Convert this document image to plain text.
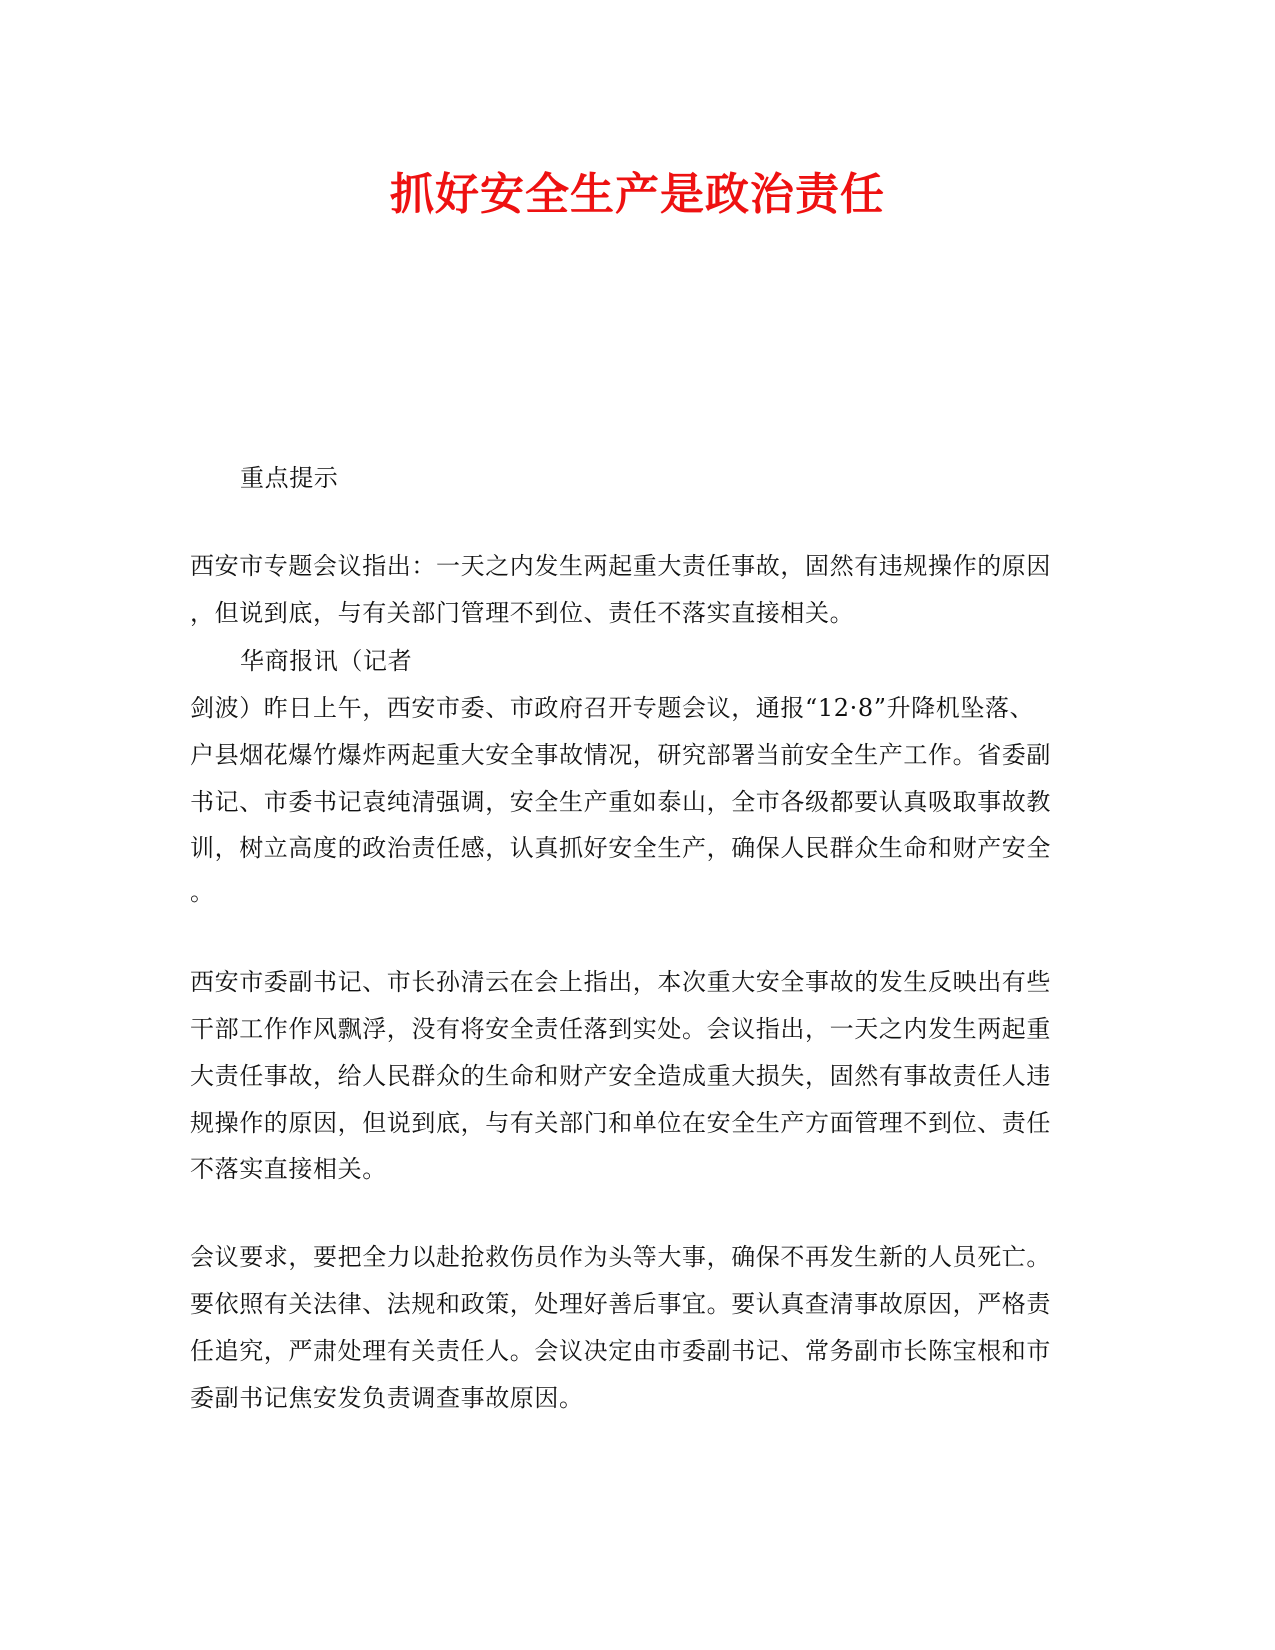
抓好安全生产是政治责任
重点提示
西安市专题会议指出：一天之内发生两起重大责任事故，固然有违规操作的原因
，但说到底，与有关部门管理不到位、责任不落实直接相关。
华商报讯（记者
剑波）昨日上午，西安市委、市政府召开专题会议，通报“12·8”升降机坠落、
户县烟花爆竹爆炸两起重大安全事故情况，研究部署当前安全生产工作。省委副
书记、市委书记袁纯清强调，安全生产重如泰山，全市各级都要认真吸取事故教
训，树立高度的政治责任感，认真抓好安全生产，确保人民群众生命和财产安全
。
西安市委副书记、市长孙清云在会上指出，本次重大安全事故的发生反映出有些
干部工作作风飘浮，没有将安全责任落到实处。会议指出，一天之内发生两起重
大责任事故，给人民群众的生命和财产安全造成重大损失，固然有事故责任人违
规操作的原因，但说到底，与有关部门和单位在安全生产方面管理不到位、责任
不落实直接相关。
会议要求，要把全力以赴抢救伤员作为头等大事，确保不再发生新的人员死亡。
要依照有关法律、法规和政策，处理好善后事宜。要认真查清事故原因，严格责
任追究，严肃处理有关责任人。会议决定由市委副书记、常务副市长陈宝根和市
委副书记焦安发负责调查事故原因。
